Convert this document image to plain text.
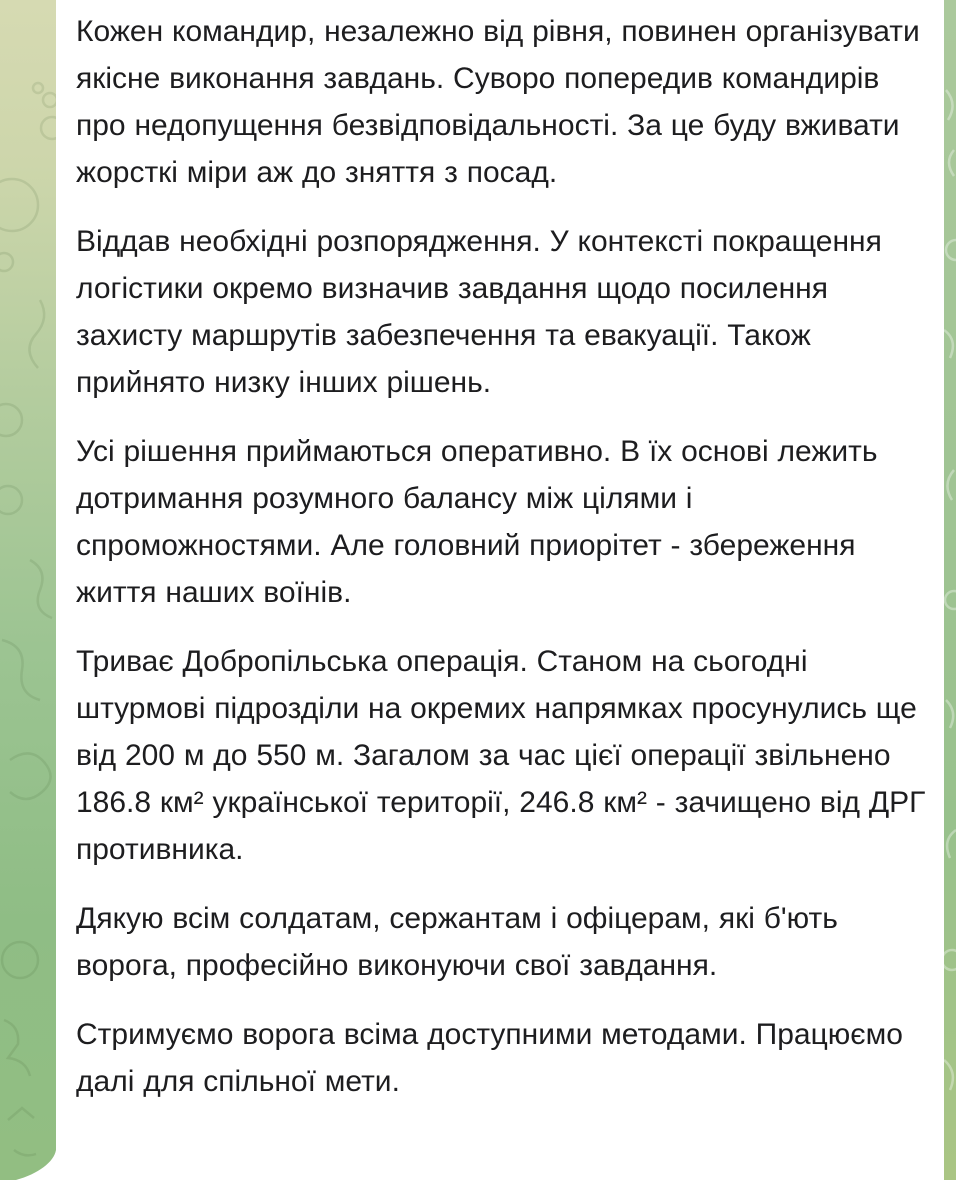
Кожен командир, незалежно від рівня, повинен організувати якісне виконання завдань. Суворо попередив командирів про недопущення безвідповідальності. За це буду вживати жорсткі міри аж до зняття з посад.

Віддав необхідні розпорядження. У контексті покращення логістики окремо визначив завдання щодо посилення захисту маршрутів забезпечення та евакуації. Також прийнято низку інших рішень.

Усі рішення приймаються оперативно. В їх основі лежить дотримання розумного балансу між цілями і спроможностями. Але головний приорітет - збереження життя наших воїнів.

Триває Добропільська операція. Станом на сьогодні штурмові підрозділи на окремих напрямках просунулись ще від 200 м до 550 м. Загалом за час цієї операції звільнено 186.8 км² української території, 246.8 км² - зачищено від ДРГ противника.

Дякую всім солдатам, сержантам і офіцерам, які б'ють ворога, професійно виконуючи свої завдання.

Стримуємо ворога всіма доступними методами. Працюємо далі для спільної мети.
